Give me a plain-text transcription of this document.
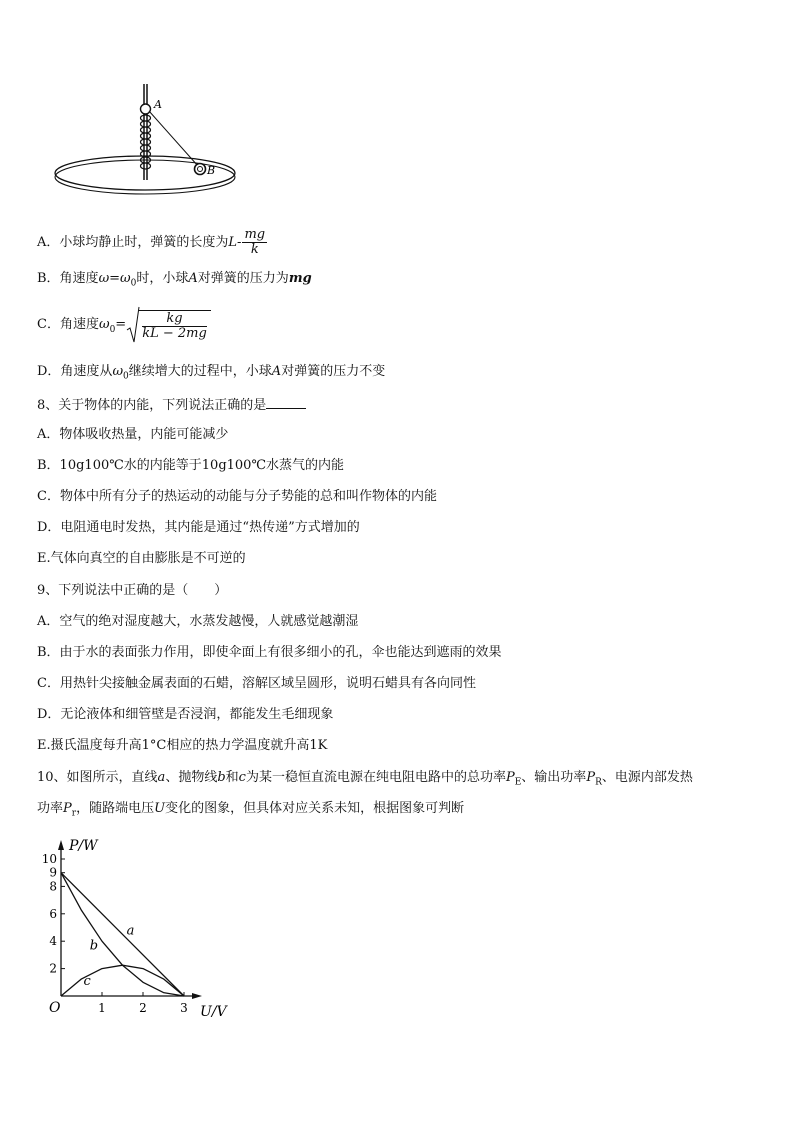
A
B
A．小球均静止时，弹簧的长度为$L- \frac{mg}{k}$
B．角速度$\omega=\omega_0$时，小球A对弹簧的压力为mg
C．角速度$\omega_0= \frac{kg}{kL - 2mg}$
D．角速度从$\omega_0$继续增大的过程中，小球A对弹簧的压力不变
8、关于物体的内能，下列说法正确的是
A．物体吸收热量，内能可能减少
B．10g100℃水的内能等于10g100℃水蒸气的内能
C．物体中所有分子的热运动的动能与分子势能的总和叫作物体的内能
D．电阻通电时发热，其内能是通过“热传递”方式增加的
E.气体向真空的自由膨胀是不可逆的
9、下列说法中正确的是（　　）
A．空气的绝对湿度越大，水蒸发越慢，人就感觉越潮湿
B．由于水的表面张力作用，即使伞面上有很多细小的孔，伞也能达到遮雨的效果
C．用热针尖接触金属表面的石蜡，溶解区域呈圆形，说明石蜡具有各向同性
D．无论液体和细管壁是否浸润，都能发生毛细现象
E.摄氏温度每升高1°C相应的热力学温度就升高1K
10、如图所示，直线a、抛物线b和c为某一稳恒直流电源在纯电阻电路中的总功率$P_E$、输出功率$P_R$、电源内部发热
功率$P_r$，随路端电压U变化的图象，但具体对应关系未知，根据图象可判断
2
4
6
8
9
10
1	2	3
O
P/W
U/V
a
b
c
